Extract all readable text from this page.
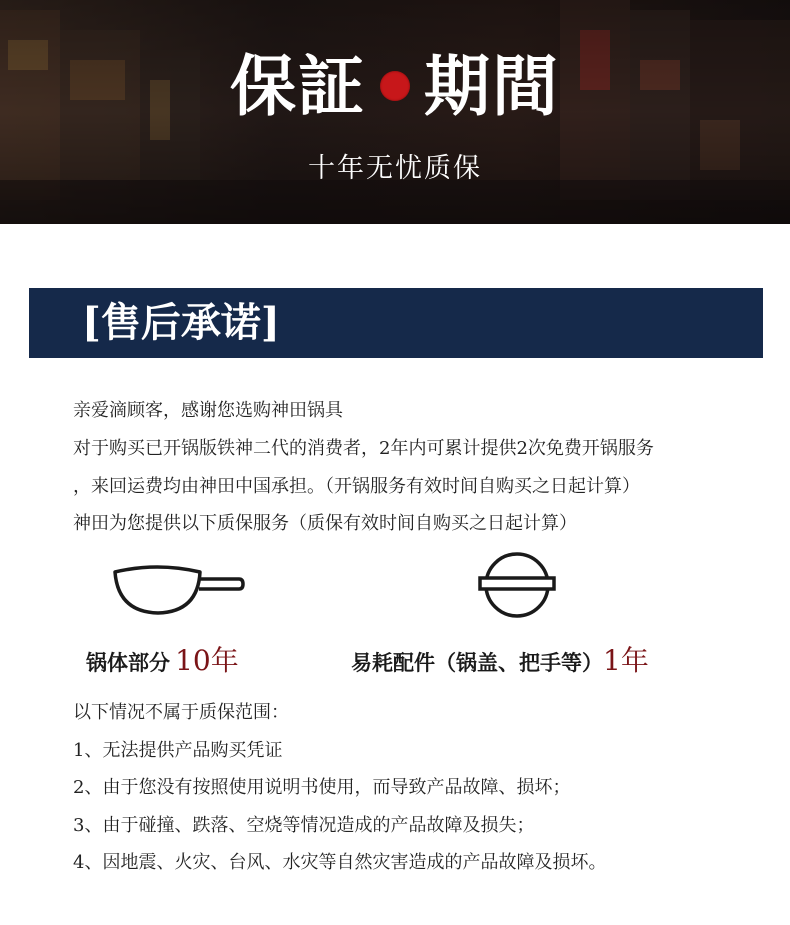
保証 期間
十年无忧质保
[售后承诺]
亲爱滴顾客，感谢您选购神田锅具
对于购买已开锅版铁神二代的消费者，2年内可累计提供2次免费开锅服务
，来回运费均由神田中国承担。（开锅服务有效时间自购买之日起计算）
神田为您提供以下质保服务（质保有效时间自购买之日起计算）
锅体部分 10年	易耗配件（锅盖、把手等）1年
以下情况不属于质保范围：
1、无法提供产品购买凭证
2、由于您没有按照使用说明书使用，而导致产品故障、损坏；
3、由于碰撞、跌落、空烧等情况造成的产品故障及损失；
4、因地震、火灾、台风、水灾等自然灾害造成的产品故障及损坏。
